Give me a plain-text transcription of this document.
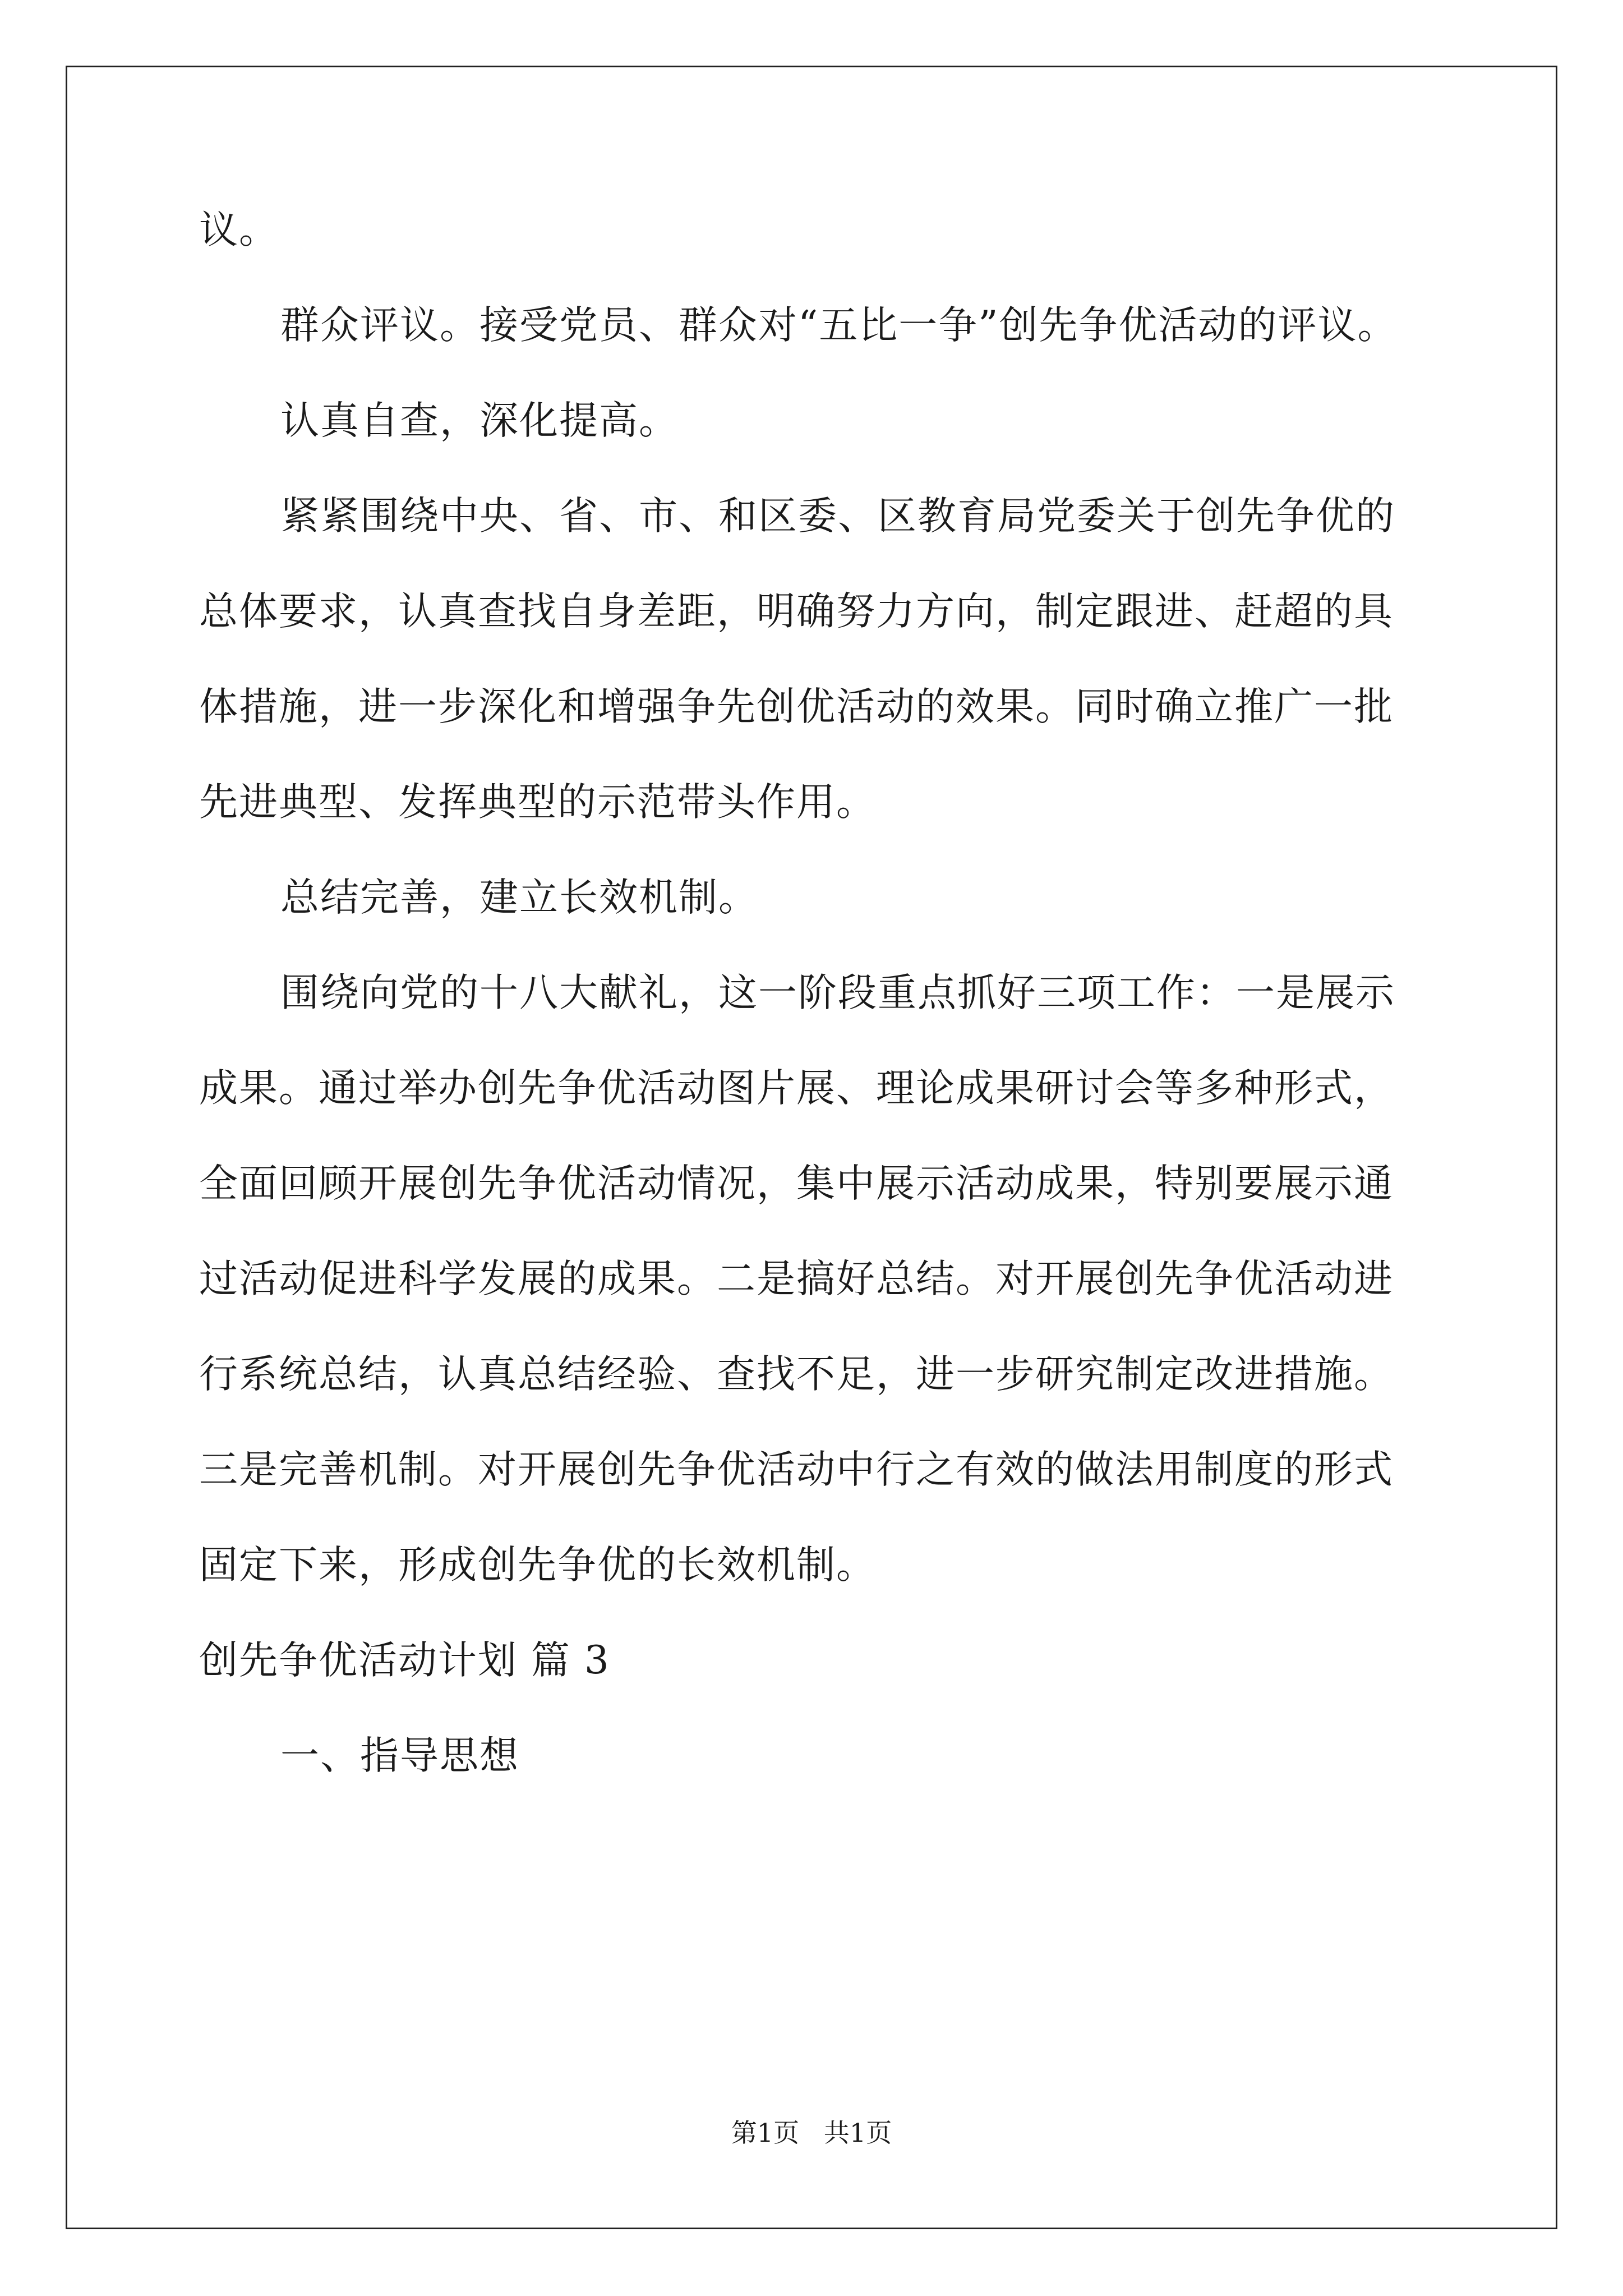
议。
群众评议。接受党员、群众对“五比一争”创先争优活动的评议。
认真自查，深化提高。
紧紧围绕中央、省、市、和区委、区教育局党委关于创先争优的
总体要求，认真查找自身差距，明确努力方向，制定跟进、赶超的具
体措施，进一步深化和增强争先创优活动的效果。同时确立推广一批
先进典型、发挥典型的示范带头作用。
总结完善，建立长效机制。
围绕向党的十八大献礼，这一阶段重点抓好三项工作：一是展示
成果。通过举办创先争优活动图片展、理论成果研讨会等多种形式，
全面回顾开展创先争优活动情况，集中展示活动成果，特别要展示通
过活动促进科学发展的成果。二是搞好总结。对开展创先争优活动进
行系统总结，认真总结经验、查找不足，进一步研究制定改进措施。
三是完善机制。对开展创先争优活动中行之有效的做法用制度的形式
固定下来，形成创先争优的长效机制。
创先争优活动计划 篇 3
一、指导思想
第1页   共1页
